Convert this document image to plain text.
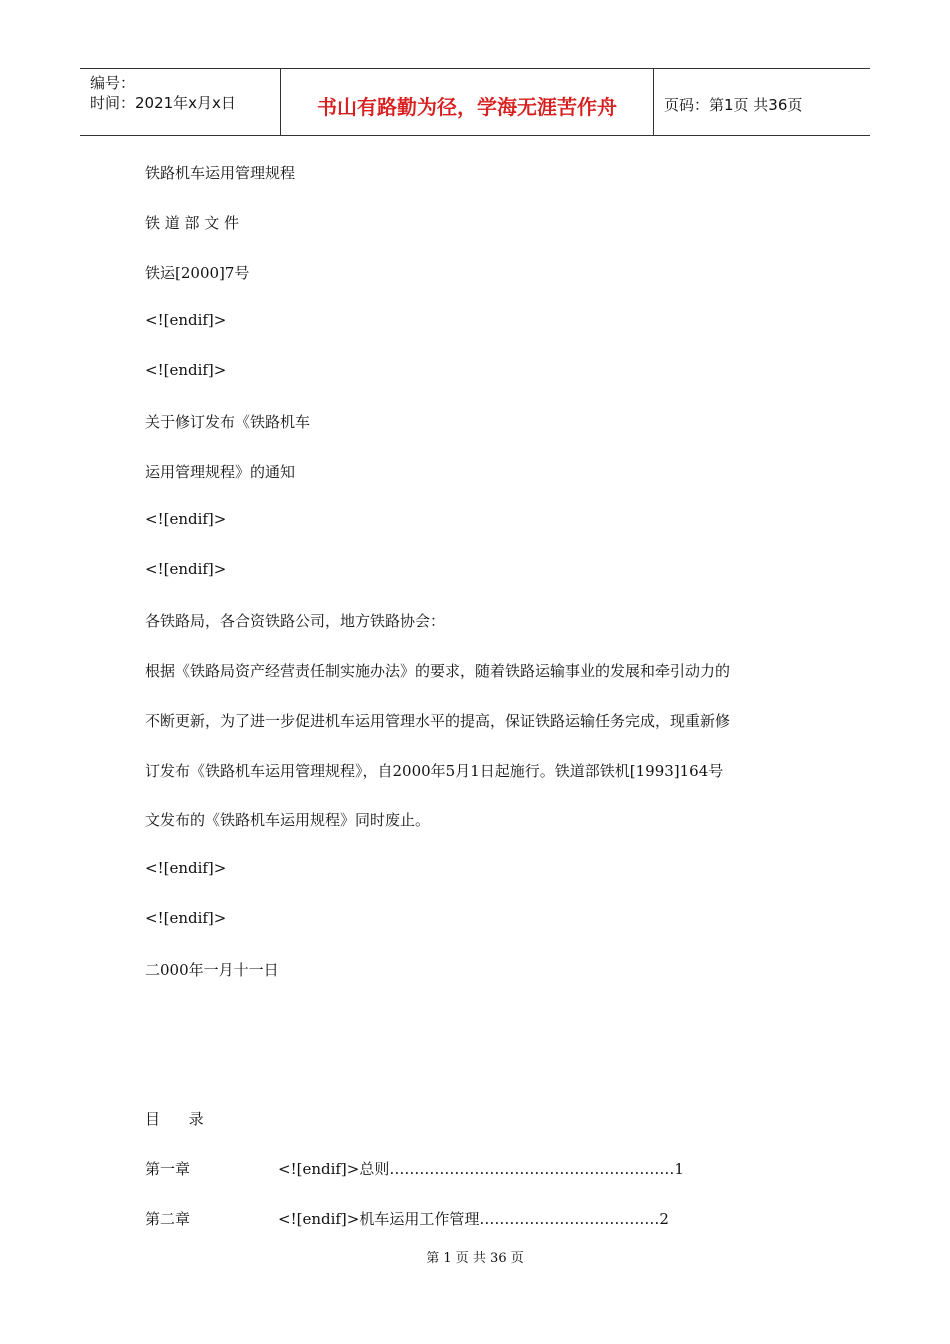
编号：
时间：2021年x月x日	书山有路勤为径，学海无涯苦作舟	页码：第1页 共36页
铁路机车运用管理规程
铁 道 部 文 件
铁运[2000]7号
<![endif]>
<![endif]>
关于修订发布《铁路机车
运用管理规程》的通知
<![endif]>
<![endif]>
各铁路局，各合资铁路公司，地方铁路协会：
根据《铁路局资产经营责任制实施办法》的要求，随着铁路运输事业的发展和牵引动力的
不断更新，为了进一步促进机车运用管理水平的提高，保证铁路运输任务完成，现重新修
订发布《铁路机车运用管理规程》，自2000年5月1日起施行。铁道部铁机[1993]164号
文发布的《铁路机车运用规程》同时废止。
<![endif]>
<![endif]>
二000年一月十一日
目      录
第一章	<![endif]>总则…………………………………………………1
第二章	<![endif]>机车运用工作管理………………………………2
第 1 页 共 36 页
